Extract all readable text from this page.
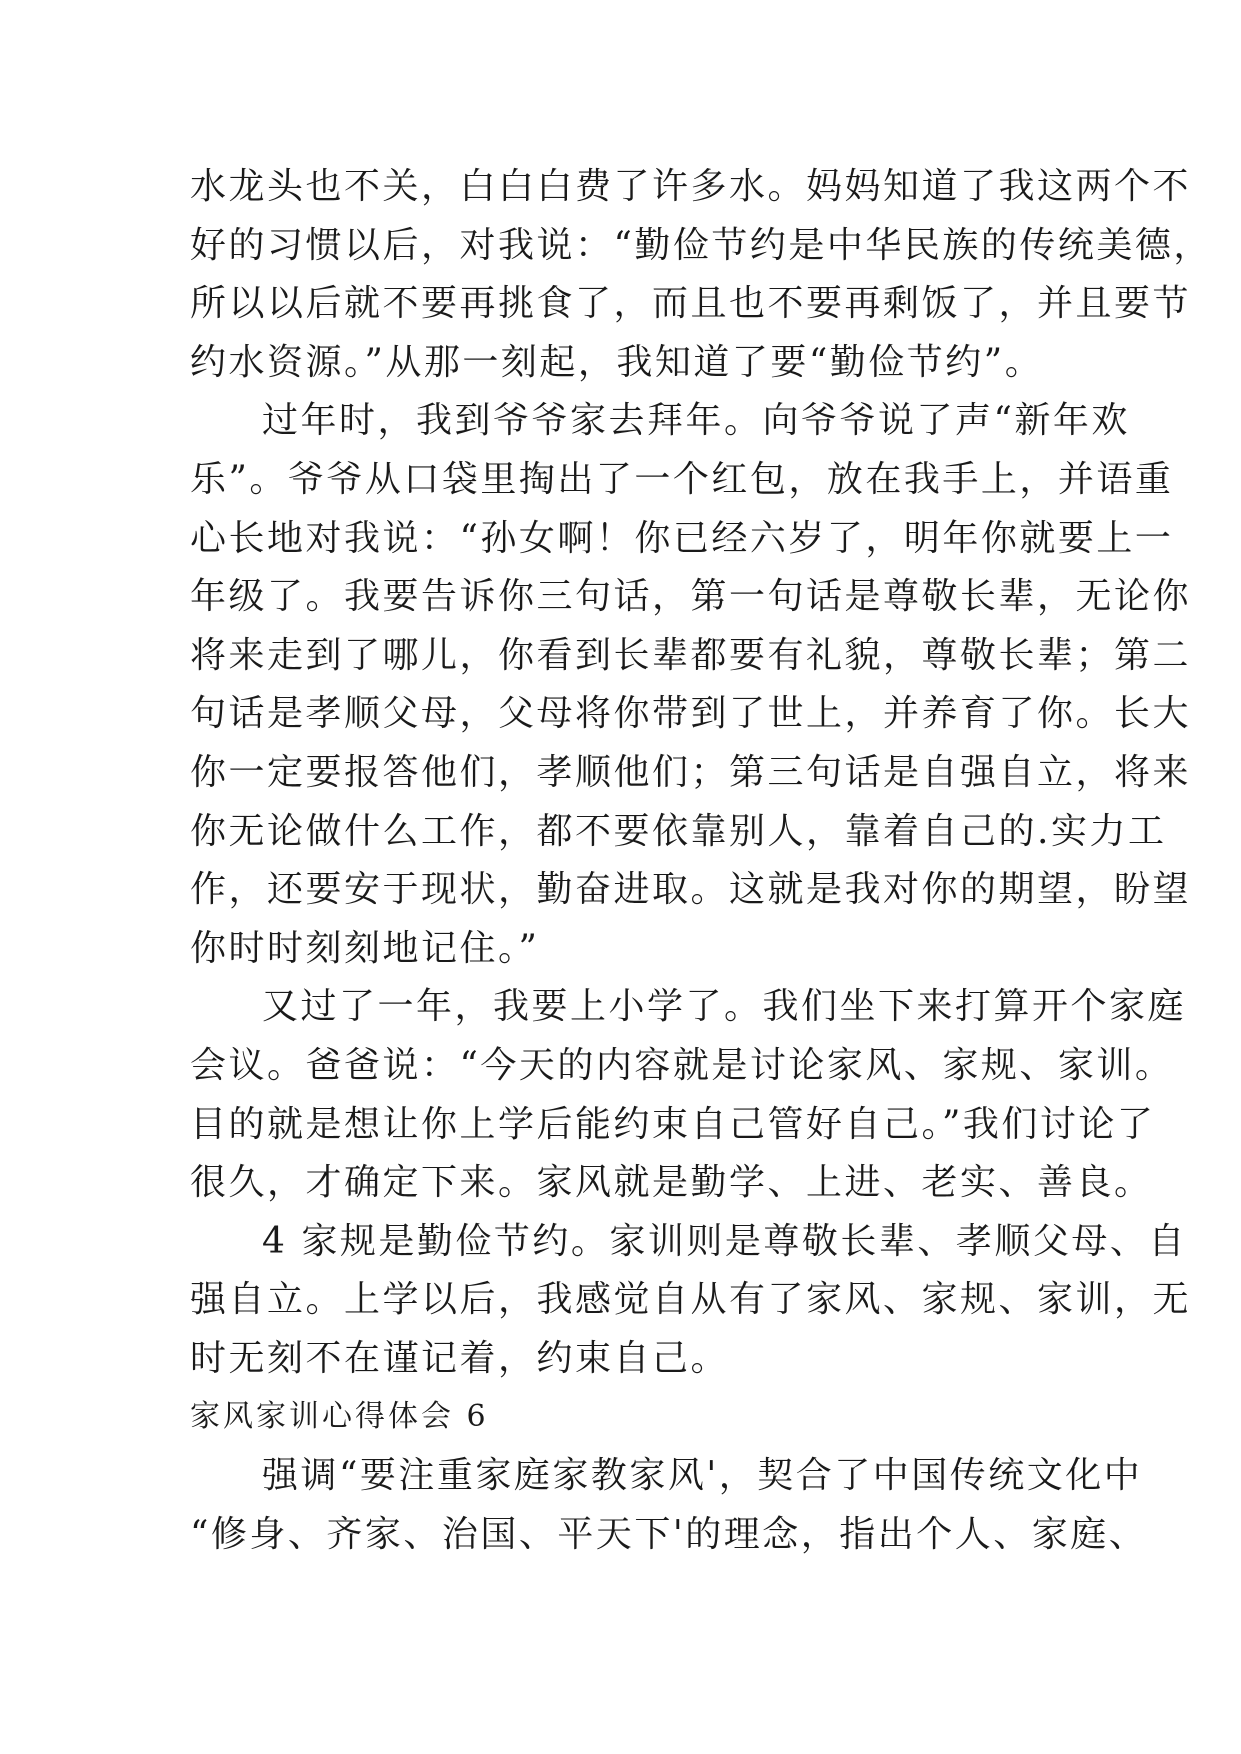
水龙头也不关，白白白费了许多水。妈妈知道了我这两个不
好的习惯以后，对我说：“勤俭节约是中华民族的传统美德，
所以以后就不要再挑食了，而且也不要再剩饭了，并且要节
约水资源。”从那一刻起，我知道了要“勤俭节约”。

过年时，我到爷爷家去拜年。向爷爷说了声“新年欢
乐”。爷爷从口袋里掏出了一个红包，放在我手上，并语重
心长地对我说：“孙女啊！你已经六岁了，明年你就要上一
年级了。我要告诉你三句话，第一句话是尊敬长辈，无论你
将来走到了哪儿，你看到长辈都要有礼貌，尊敬长辈；第二
句话是孝顺父母，父母将你带到了世上，并养育了你。长大
你一定要报答他们，孝顺他们；第三句话是自强自立，将来
你无论做什么工作，都不要依靠别人，靠着自己的.实力工
作，还要安于现状，勤奋进取。这就是我对你的期望，盼望
你时时刻刻地记住。”

又过了一年，我要上小学了。我们坐下来打算开个家庭
会议。爸爸说：“今天的内容就是讨论家风、家规、家训。
目的就是想让你上学后能约束自己管好自己。”我们讨论了
很久，才确定下来。家风就是勤学、上进、老实、善良。

4 家规是勤俭节约。家训则是尊敬长辈、孝顺父母、自
强自立。上学以后，我感觉自从有了家风、家规、家训，无
时无刻不在谨记着，约束自己。

家风家训心得体会 6

强调“要注重家庭家教家风'，契合了中国传统文化中
“修身、齐家、治国、平天下'的理念，指出个人、家庭、
